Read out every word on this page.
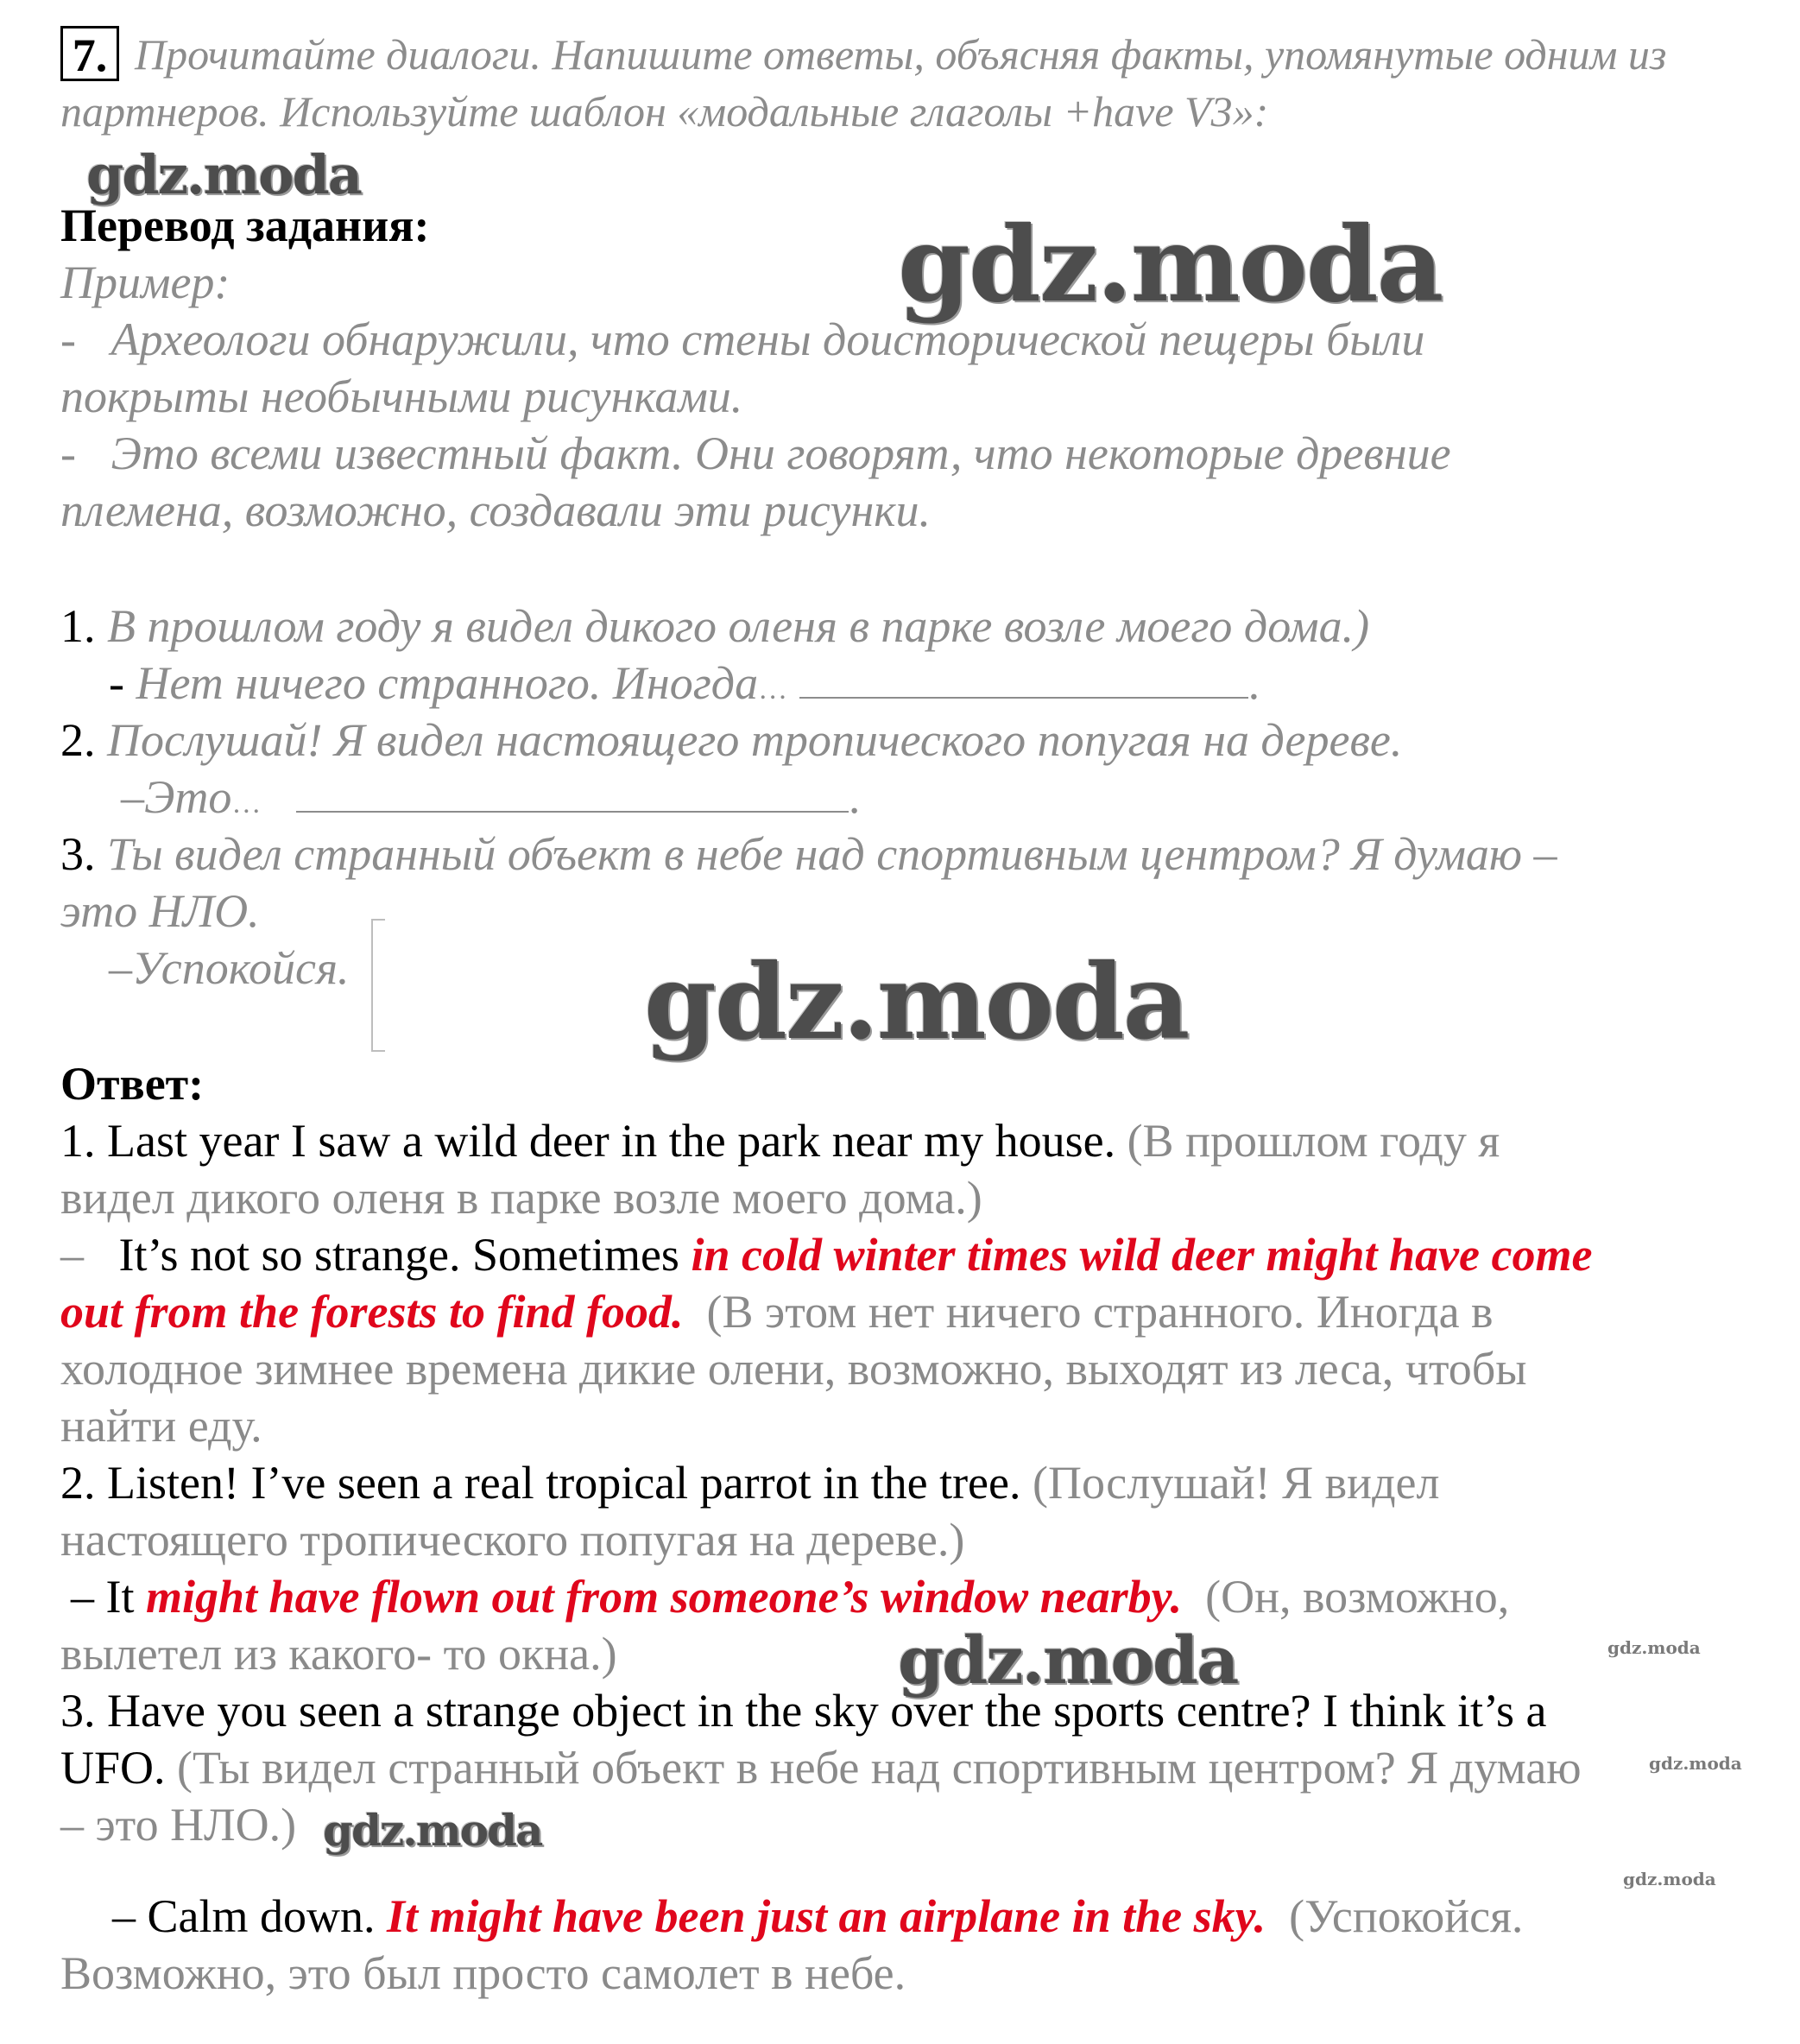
7. Прочитайте диалоги. Напишите ответы, объясняя факты, упомянутые одним из
партнеров. Используйте шаблон «модальные глаголы +have V3»:
Перевод задания:
Пример:
- Археологи обнаружили, что стены доисторической пещеры были
покрыты необычными рисунками.
- Это всеми известный факт. Они говорят, что некоторые древние
племена, возможно, создавали эти рисунки.
1. В прошлом году я видел дикого оленя в парке возле моего дома.)
- Нет ничего странного. Иногда…	.
2. Послушай! Я видел настоящего тропического попугая на дереве.
–Это…	.
3. Ты видел странный объект в небе над спортивным центром? Я думаю –
это НЛО.
–Успокойся.
Ответ:
1. Last year I saw a wild deer in the park near my house. (В прошлом году я
видел дикого оленя в парке возле моего дома.)
– It’s not so strange. Sometimes in cold winter times wild deer might have come
out from the forests to find food. (В этом нет ничего странного. Иногда в
холодное зимнее времена дикие олени, возможно, выходят из леса, чтобы
найти еду.
2. Listen! I’ve seen a real tropical parrot in the tree. (Послушай! Я видел
настоящего тропического попугая на дереве.)
– It might have flown out from someone’s window nearby. (Он, возможно,
вылетел из какого- то окна.)
3. Have you seen a strange object in the sky over the sports centre? I think it’s a
UFO. (Ты видел странный объект в небе над спортивным центром? Я думаю
– это НЛО.)
– Calm down. It might have been just an airplane in the sky. (Успокойся.
Возможно, это был просто самолет в небе.
gdz.moda
gdz.moda
gdz.moda
gdz.moda
gdz.moda
gdz.moda
gdz.moda
gdz.moda
